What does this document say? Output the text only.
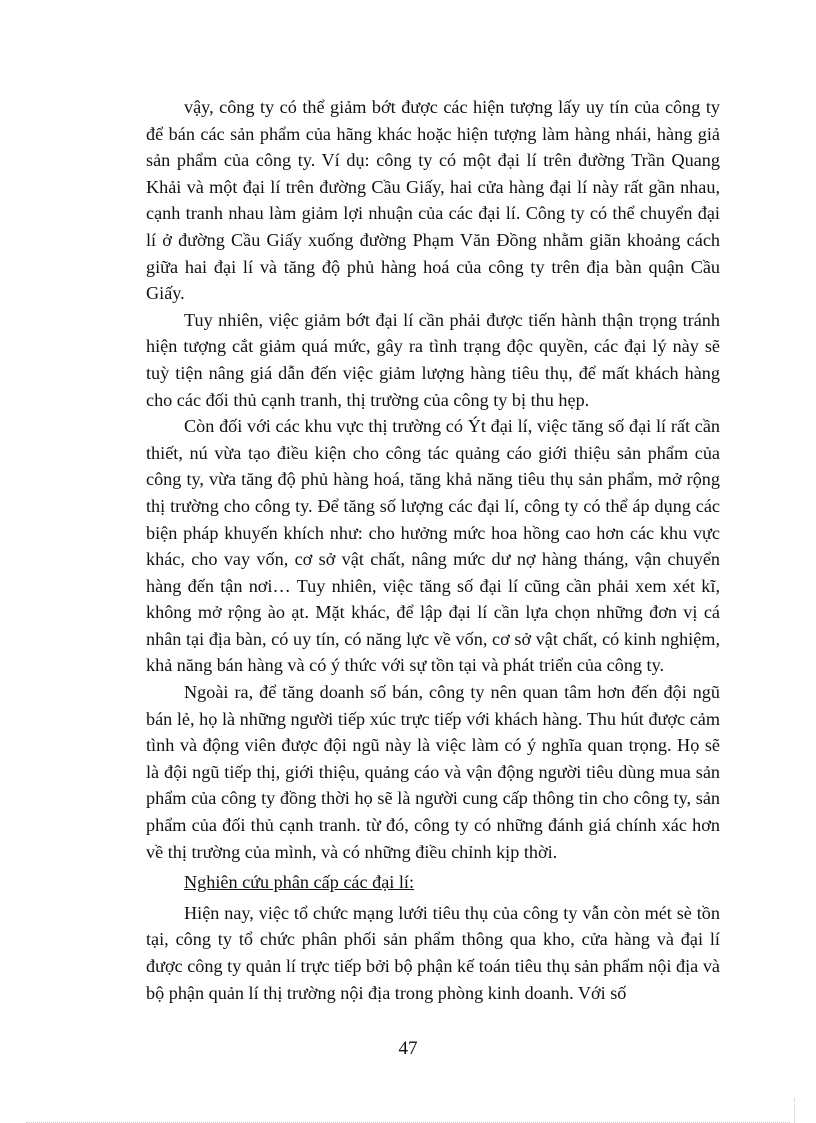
vậy, công ty có thể giảm bớt được các hiện tượng lấy uy tín của công ty để bán các sản phẩm của hãng khác hoặc hiện tượng làm hàng nhái, hàng giả sản phẩm của công ty. Ví dụ: công ty có một đại lí trên đường Trần Quang Khải và một đại lí trên đường Cầu Giấy, hai cửa hàng đại lí này rất gần nhau, cạnh tranh nhau làm giảm lợi nhuận của các đại lí. Công ty có thể chuyển đại lí ở đường Cầu Giấy xuống đường Phạm Văn Đồng nhằm giãn khoảng cách giữa hai đại lí và tăng độ phủ hàng hoá của công ty trên địa bàn quận Cầu Giấy.

Tuy nhiên, việc giảm bớt đại lí cần phải được tiến hành thận trọng tránh hiện tượng cắt giảm quá mức, gây ra tình trạng độc quyền, các đại lý này sẽ tuỳ tiện nâng giá dẫn đến việc giảm lượng hàng tiêu thụ, để mất khách hàng cho các đối thủ cạnh tranh, thị trường của công ty bị thu hẹp.

Còn đối với các khu vực thị trường có Ýt đại lí, việc tăng số đại lí rất cần thiết, nú vừa tạo điều kiện cho công tác quảng cáo giới thiệu sản phẩm của công ty, vừa tăng độ phủ hàng hoá, tăng khả năng tiêu thụ sản phẩm, mở rộng thị trường cho công ty. Để tăng số lượng các đại lí, công ty có thể áp dụng các biện pháp khuyến khích như: cho hưởng mức hoa hồng cao hơn các khu vực khác, cho vay vốn, cơ sở vật chất, nâng mức dư nợ hàng tháng, vận chuyển hàng đến tận nơi… Tuy nhiên, việc tăng số đại lí cũng cần phải xem xét kĩ, không mở rộng ào ạt. Mặt khác, để lập đại lí cần lựa chọn những đơn vị cá nhân tại địa bàn, có uy tín, có năng lực về vốn, cơ sở vật chất, có kinh nghiệm, khả năng bán hàng và có ý thức với sự tồn tại và phát triển của công ty.

Ngoài ra, để tăng doanh số bán, công ty nên quan tâm hơn đến đội ngũ bán lẻ, họ là những người tiếp xúc trực tiếp với khách hàng. Thu hút được cảm tình và động viên được đội ngũ này là việc làm có ý nghĩa quan trọng. Họ sẽ là đội ngũ tiếp thị, giới thiệu, quảng cáo và vận động người tiêu dùng mua sản phẩm của công ty đồng thời họ sẽ là người cung cấp thông tin cho công ty, sản phẩm của đối thủ cạnh tranh. từ đó, công ty có những đánh giá chính xác hơn về thị trường của mình, và có những điều chỉnh kịp thời.

Nghiên cứu phân cấp các đại lí:

Hiện nay, việc tổ chức mạng lưới tiêu thụ của công ty vẫn còn mét sè tồn tại, công ty tổ chức phân phối sản phẩm thông qua kho, cửa hàng và đại lí được công ty quản lí trực tiếp bởi bộ phận kế toán tiêu thụ sản phẩm nội địa và bộ phận quản lí thị trường nội địa trong phòng kinh doanh. Với số

47
